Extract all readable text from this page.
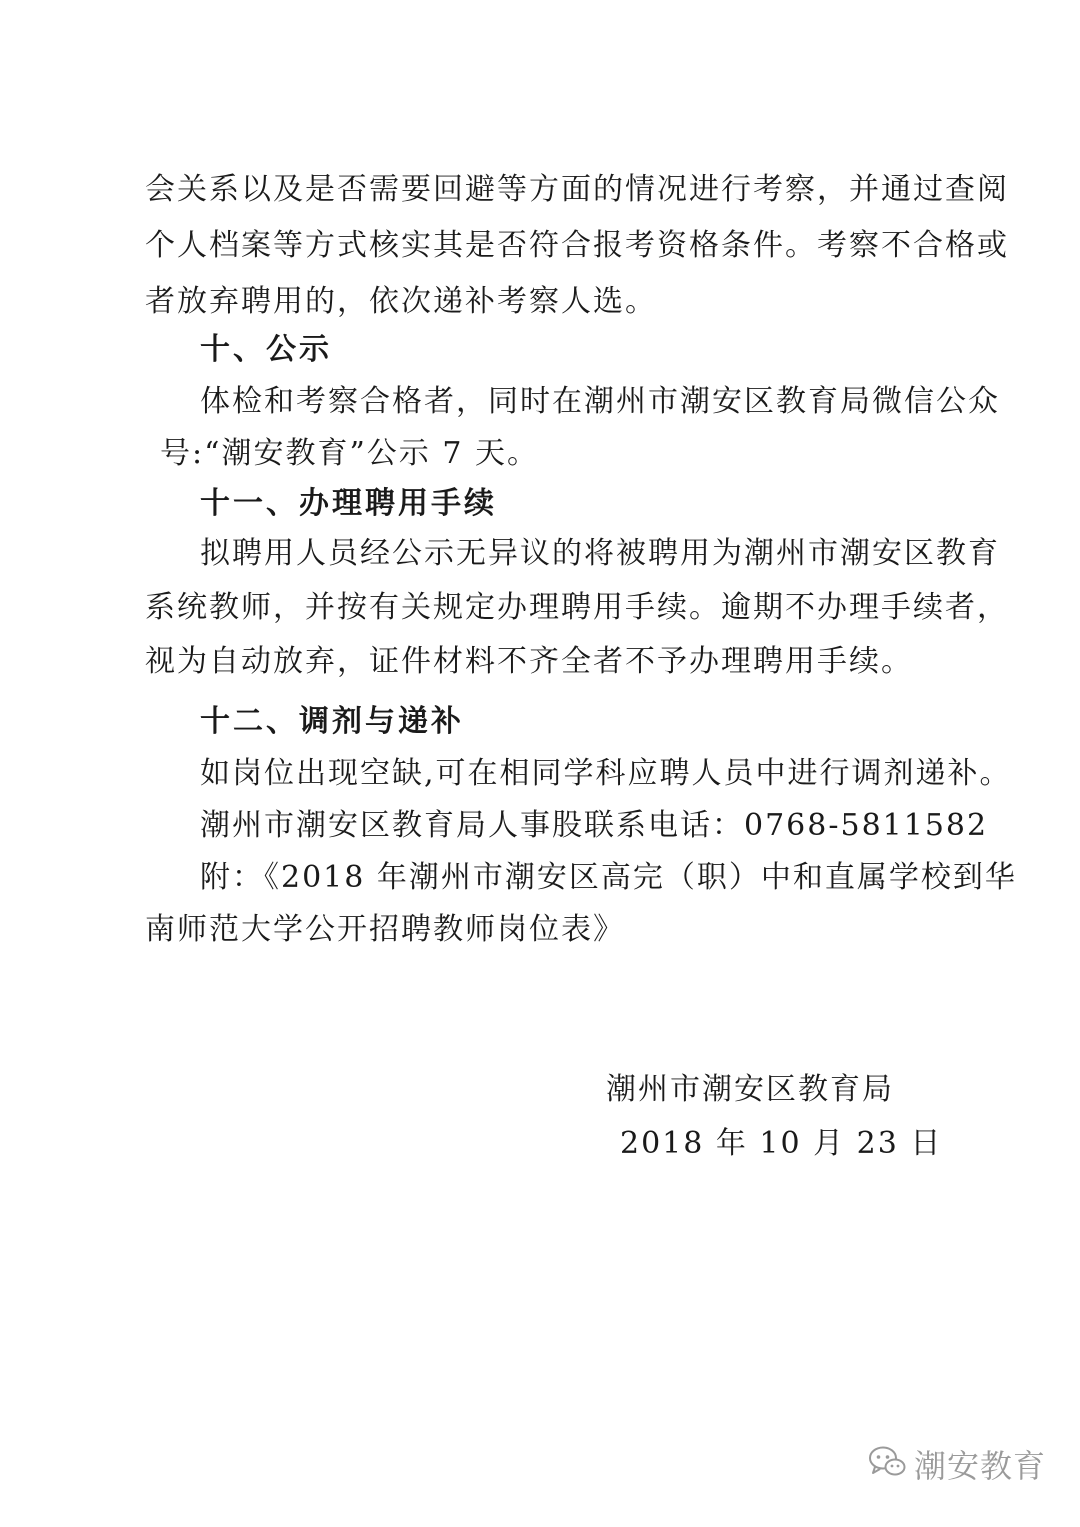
会关系以及是否需要回避等方面的情况进行考察，并通过查阅
个人档案等方式核实其是否符合报考资格条件。考察不合格或
者放弃聘用的，依次递补考察人选。
十、公示
体检和考察合格者，同时在潮州市潮安区教育局微信公众
号:“潮安教育”公示 7 天。
十一、办理聘用手续
拟聘用人员经公示无异议的将被聘用为潮州市潮安区教育
系统教师，并按有关规定办理聘用手续。逾期不办理手续者，
视为自动放弃，证件材料不齐全者不予办理聘用手续。
十二、调剂与递补
如岗位出现空缺,可在相同学科应聘人员中进行调剂递补。
潮州市潮安区教育局人事股联系电话：0768-5811582
附：《2018 年潮州市潮安区高完（职）中和直属学校到华
南师范大学公开招聘教师岗位表》
潮州市潮安区教育局
2018 年 10 月 23 日
潮安教育
